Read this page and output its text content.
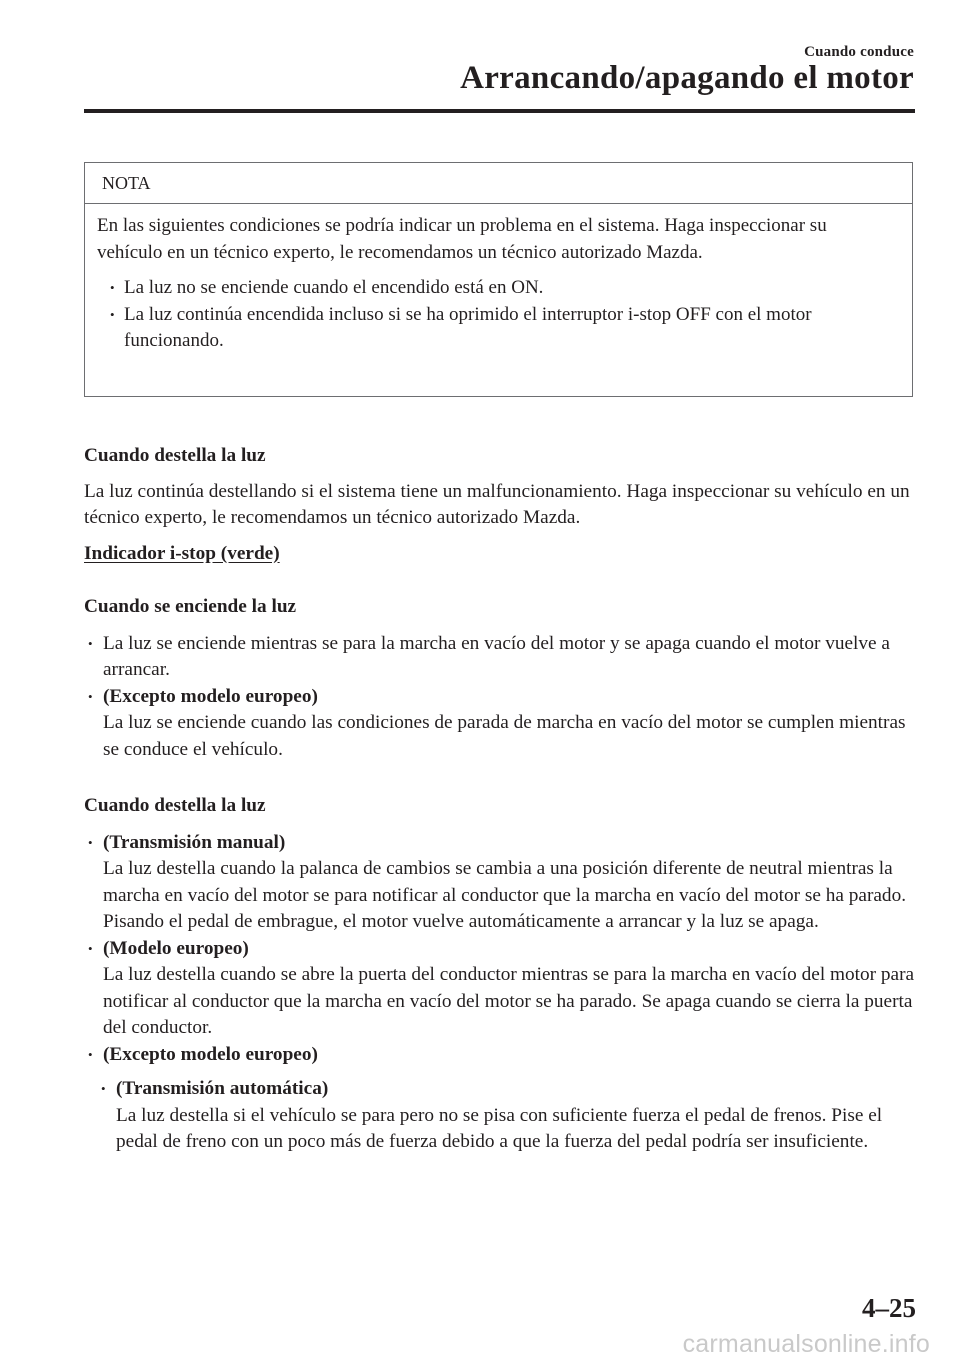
Cuando conduce
Arrancando/apagando el motor
NOTA

En las siguientes condiciones se podría indicar un problema en el sistema. Haga inspeccionar su vehículo en un técnico experto, le recomendamos un técnico autorizado Mazda.

• La luz no se enciende cuando el encendido está en ON.
• La luz continúa encendida incluso si se ha oprimido el interruptor i-stop OFF con el motor funcionando.

Cuando destella la luz

La luz continúa destellando si el sistema tiene un malfuncionamiento. Haga inspeccionar su vehículo en un técnico experto, le recomendamos un técnico autorizado Mazda.

Indicador i-stop (verde)

Cuando se enciende la luz

• La luz se enciende mientras se para la marcha en vacío del motor y se apaga cuando el motor vuelve a arrancar.
• (Excepto modelo europeo)
La luz se enciende cuando las condiciones de parada de marcha en vacío del motor se cumplen mientras se conduce el vehículo.

Cuando destella la luz

• (Transmisión manual)
La luz destella cuando la palanca de cambios se cambia a una posición diferente de neutral mientras la marcha en vacío del motor se para notificar al conductor que la marcha en vacío del motor se ha parado.
Pisando el pedal de embrague, el motor vuelve automáticamente a arrancar y la luz se apaga.
• (Modelo europeo)
La luz destella cuando se abre la puerta del conductor mientras se para la marcha en vacío del motor para notificar al conductor que la marcha en vacío del motor se ha parado. Se apaga cuando se cierra la puerta del conductor.
• (Excepto modelo europeo)
• (Transmisión automática)
La luz destella si el vehículo se para pero no se pisa con suficiente fuerza el pedal de frenos. Pise el pedal de freno con un poco más de fuerza debido a que la fuerza del pedal podría ser insuficiente.
4–25
carmanualsonline.info
